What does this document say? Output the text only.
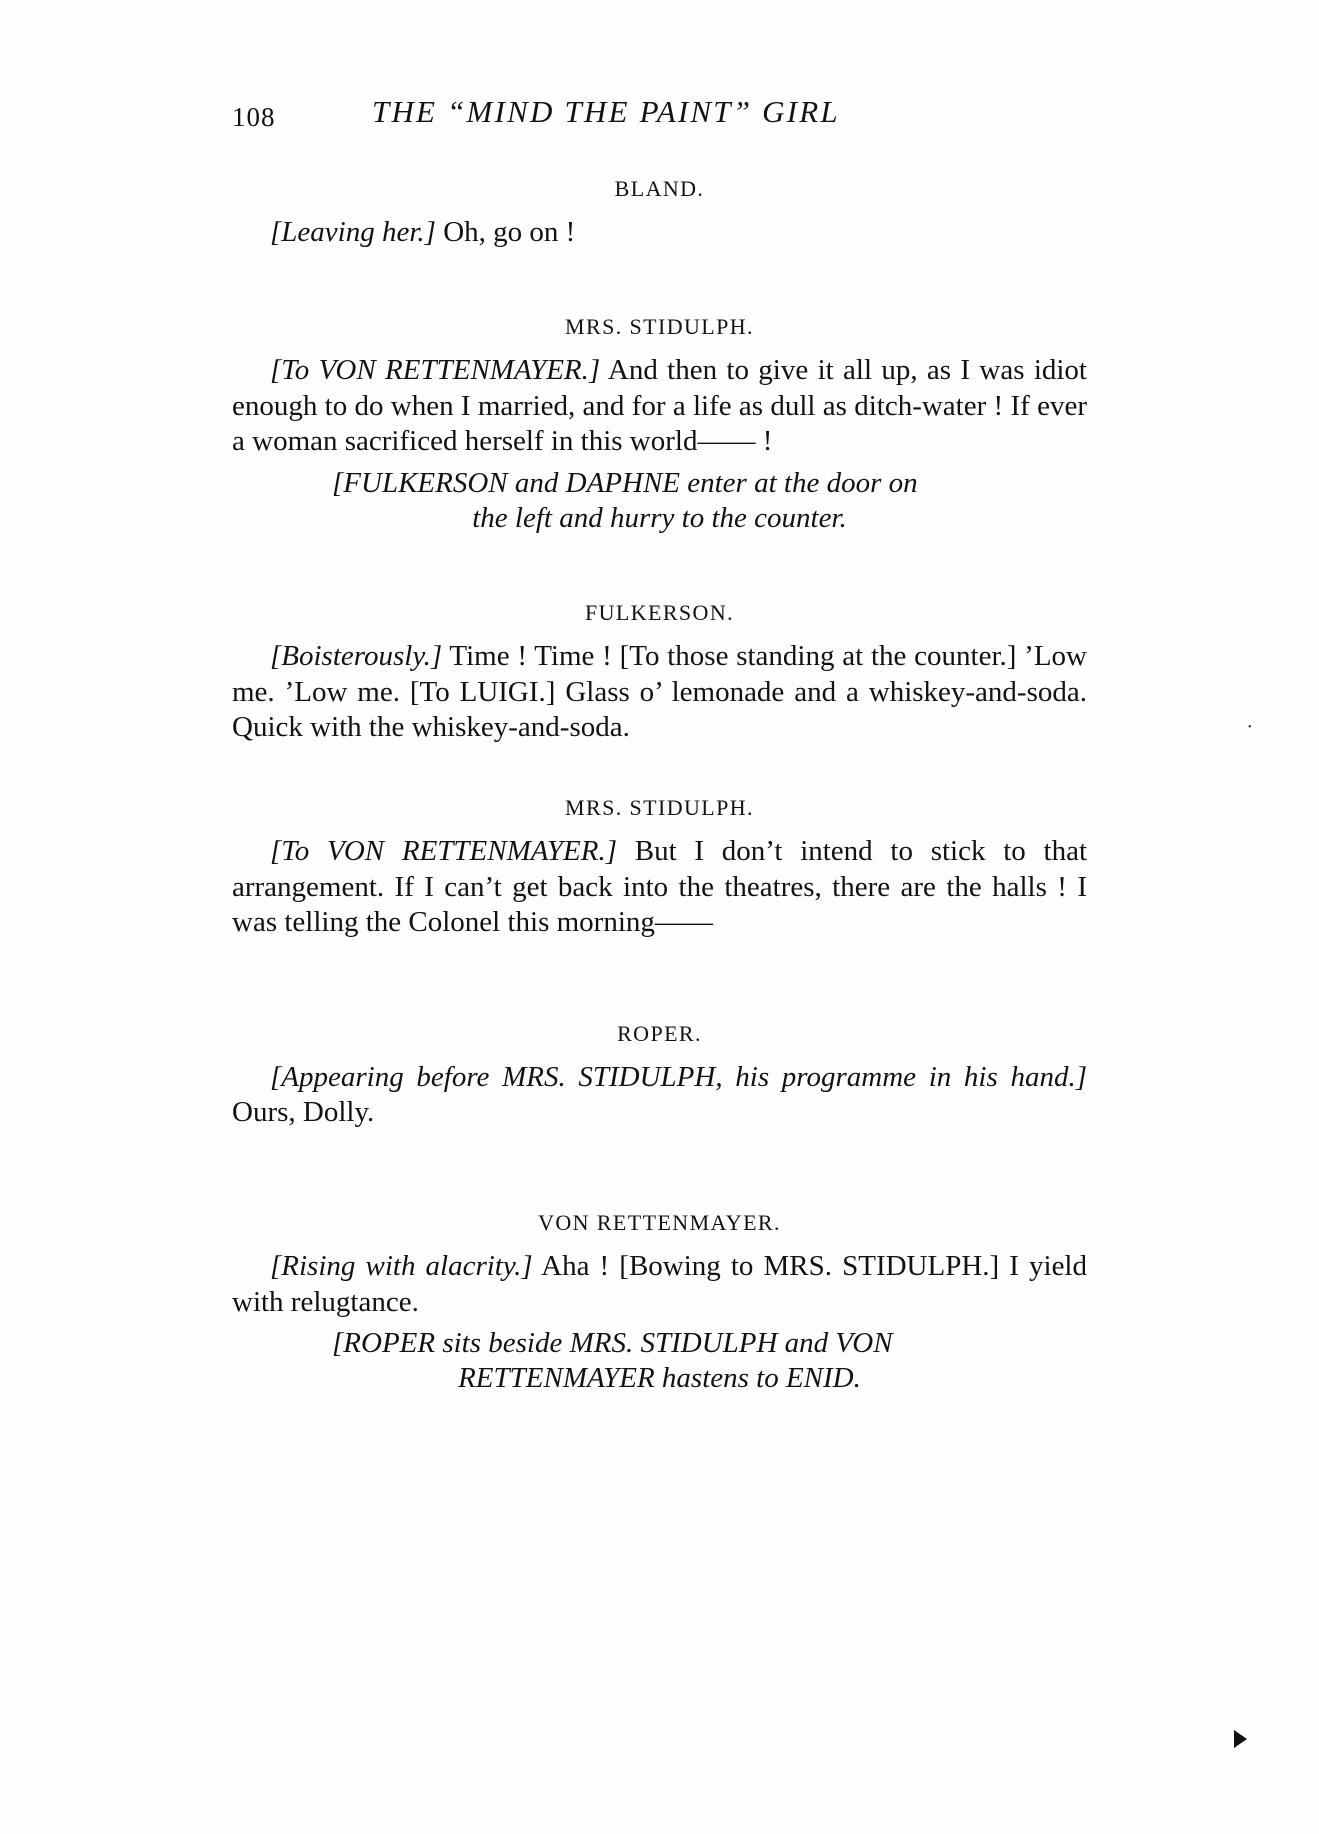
108	THE “MIND THE PAINT” GIRL
BLAND.

[Leaving her.] Oh, go on !

MRS. STIDULPH.

[To VON RETTENMAYER.] And then to give it all up, as I was idiot enough to do when I married, and for a life as dull as ditch-water ! If ever a woman sacrificed herself in this world—— !

[FULKERSON and DAPHNE enter at the door on
the left and hurry to the counter.
FULKERSON.

[Boisterously.] Time ! Time ! [To those standing at the counter.] ’Low me. ’Low me. [To LUIGI.] Glass o’ lemonade and a whiskey-and-soda. Quick with the whiskey-and-soda.

MRS. STIDULPH.

[To VON RETTENMAYER.] But I don’t intend to stick to that arrangement. If I can’t get back into the theatres, there are the halls ! I was telling the Colonel this morning——

ROPER.

[Appearing before MRS. STIDULPH, his programme in his hand.] Ours, Dolly.

VON RETTENMAYER.

[Rising with alacrity.] Aha ! [Bowing to MRS. STIDULPH.] I yield with relugtance.

[ROPER sits beside MRS. STIDULPH and VON
RETTENMAYER hastens to ENID.
·
